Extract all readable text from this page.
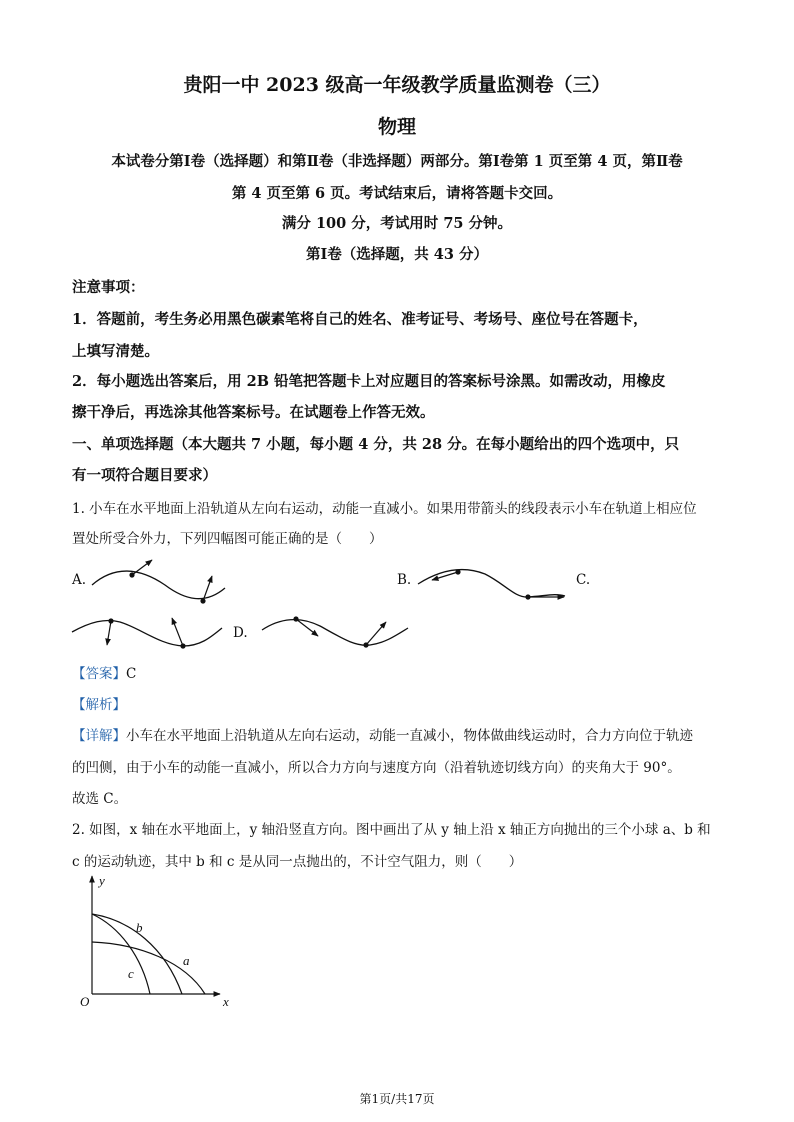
贵阳一中 2023 级高一年级教学质量监测卷（三）
物理
本试卷分第Ⅰ卷（选择题）和第Ⅱ卷（非选择题）两部分。第Ⅰ卷第 1 页至第 4 页，第Ⅱ卷
第 4 页至第 6 页。考试结束后，请将答题卡交回。
满分 100 分，考试用时 75 分钟。
第Ⅰ卷（选择题，共 43 分）
注意事项：
1．答题前，考生务必用黑色碳素笔将自己的姓名、准考证号、考场号、座位号在答题卡，
上填写清楚。
2．每小题选出答案后，用 2B 铅笔把答题卡上对应题目的答案标号涂黑。如需改动，用橡皮
擦干净后，再选涂其他答案标号。在试题卷上作答无效。
一、单项选择题（本大题共 7 小题，每小题 4 分，共 28 分。在每小题给出的四个选项中，只
有一项符合题目要求）
1. 小车在水平地面上沿轨道从左向右运动，动能一直减小。如果用带箭头的线段表示小车在轨道上相应位
置处所受合外力，下列四幅图可能正确的是（　　）
A.	B.	C.
D.
【答案】C
【解析】
【详解】小车在水平地面上沿轨道从左向右运动，动能一直减小，物体做曲线运动时，合力方向位于轨迹
的凹侧，由于小车的动能一直减小，所以合力方向与速度方向（沿着轨迹切线方向）的夹角大于 90°。
故选 C。
2. 如图，x 轴在水平地面上，y 轴沿竖直方向。图中画出了从 y 轴上沿 x 轴正方向抛出的三个小球 a、b 和
c 的运动轨迹，其中 b 和 c 是从同一点抛出的，不计空气阻力，则（　　）
y
x
O
a
b
c
第1页/共17页
